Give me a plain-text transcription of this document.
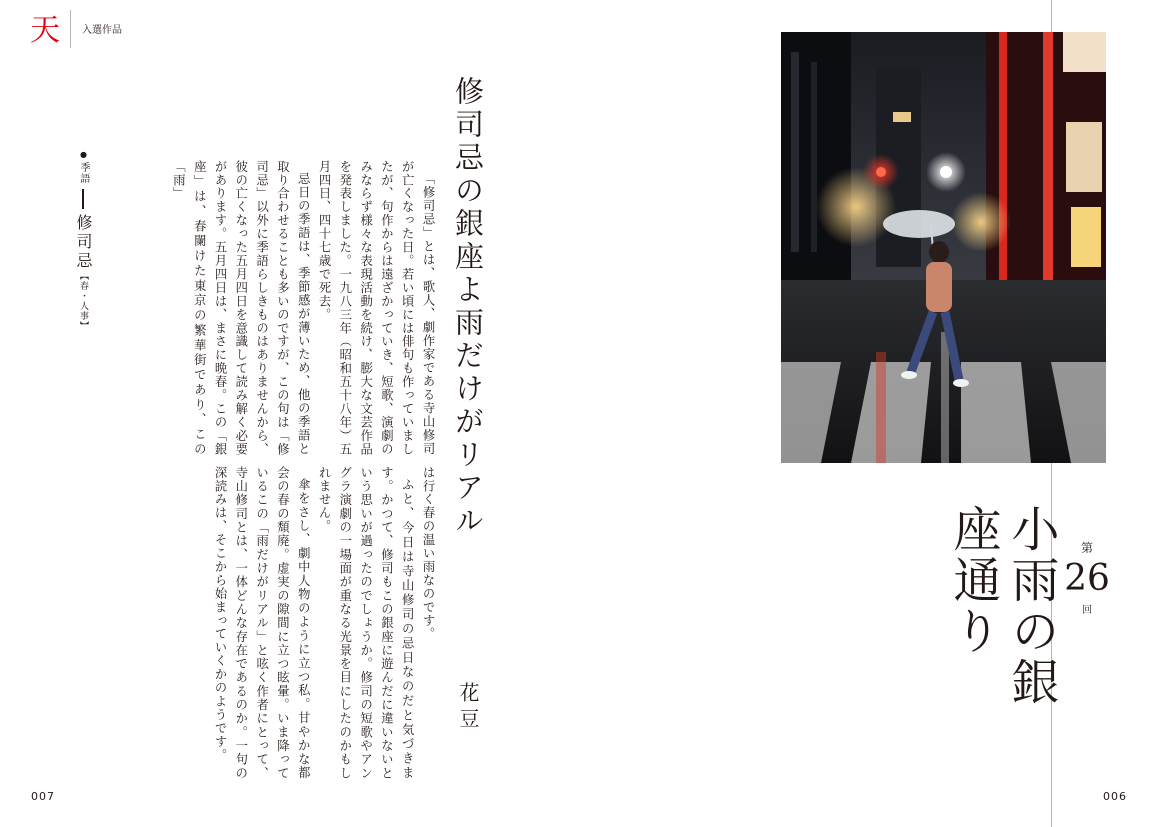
天 入選作品
修司忌の銀座よ雨だけがリアル
花豆

「修司忌」とは、歌人、劇作家である寺山修司が亡くなった日。若い頃には俳句も作っていましたが、句作からは遠ざかっていき、短歌、演劇のみならず様々な表現活動を続け、膨大な文芸作品を発表しました。一九八三年（昭和五十八年）五月四日、四十七歳で死去。

忌日の季語は、季節感が薄いため、他の季語と取り合わせることも多いのですが、この句は「修司忌」以外に季語らしきものはありませんから、彼の亡くなった五月四日を意識して読み解く必要があります。五月四日は、まさに晩春。この「銀座」は、春闌けた東京の繁華街であり、この「雨」

は行く春の温い雨なのです。

ふと、今日は寺山修司の忌日なのだと気づきます。かつて、修司もこの銀座に遊んだに違いないという思いが過ったのでしょうか。修司の短歌やアングラ演劇の一場面が重なる光景を目にしたのかもしれません。

傘をさし、劇中人物のように立つ私。甘やかな都会の春の頽廃。虚実の隙間に立つ眩暈。いま降っているこの「雨だけがリアル」と呟く作者にとって、寺山修司とは、一体どんな存在であるのか。一句の深読みは、そこから始まっていくかのようです。

●季語修司忌【春・人事】
007	006
小雨の銀座通り	第
26
回
